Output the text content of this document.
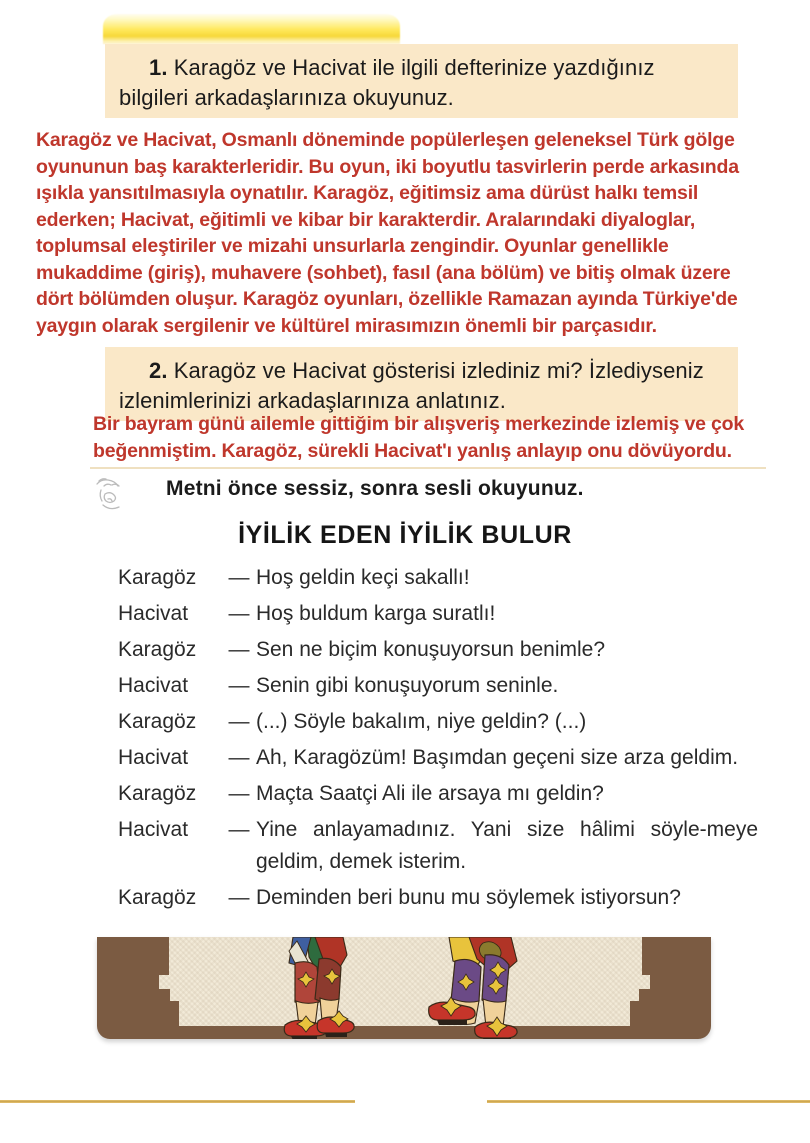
1. Karagöz ve Hacivat ile ilgili defterinize yazdığınız bilgileri arkadaşlarınıza okuyunuz.

Karagöz ve Hacivat, Osmanlı döneminde popülerleşen geleneksel Türk gölge oyununun baş karakterleridir. Bu oyun, iki boyutlu tasvirlerin perde arkasında ışıkla yansıtılmasıyla oynatılır. Karagöz, eğitimsiz ama dürüst halkı temsil ederken; Hacivat, eğitimli ve kibar bir karakterdir. Aralarındaki diyaloglar, toplumsal eleştiriler ve mizahi unsurlarla zengindir. Oyunlar genellikle mukaddime (giriş), muhavere (sohbet), fasıl (ana bölüm) ve bitiş olmak üzere dört bölümden oluşur. Karagöz oyunları, özellikle Ramazan ayında Türkiye'de yaygın olarak sergilenir ve kültürel mirasımızın önemli bir parçasıdır.

2. Karagöz ve Hacivat gösterisi izlediniz mi? İzlediyseniz izlenimlerinizi arkadaşlarınıza anlatınız.

Bir bayram günü ailemle gittiğim bir alışveriş merkezinde izlemiş ve çok beğenmiştim. Karagöz, sürekli Hacivat'ı yanlış anlayıp onu dövüyordu.

Metni önce sessiz, sonra sesli okuyunuz.
İYİLİK EDEN İYİLİK BULUR
Karagöz	— Hoş geldin keçi sakallı!
Hacivat	— Hoş buldum karga suratlı!
Karagöz	— Sen ne biçim konuşuyorsun benimle?
Hacivat	— Senin gibi konuşuyorum seninle.
Karagöz	— (...) Söyle bakalım, niye geldin? (...)
Hacivat	— Ah, Karagözüm! Başımdan geçeni size arza geldim.
Karagöz	— Maçta Saatçi Ali ile arsaya mı geldin?
Hacivat	— Yine anlayamadınız. Yani size hâlimi söyle-meye geldim, demek isterim.
Karagöz	— Deminden beri bunu mu söylemek istiyorsun?
